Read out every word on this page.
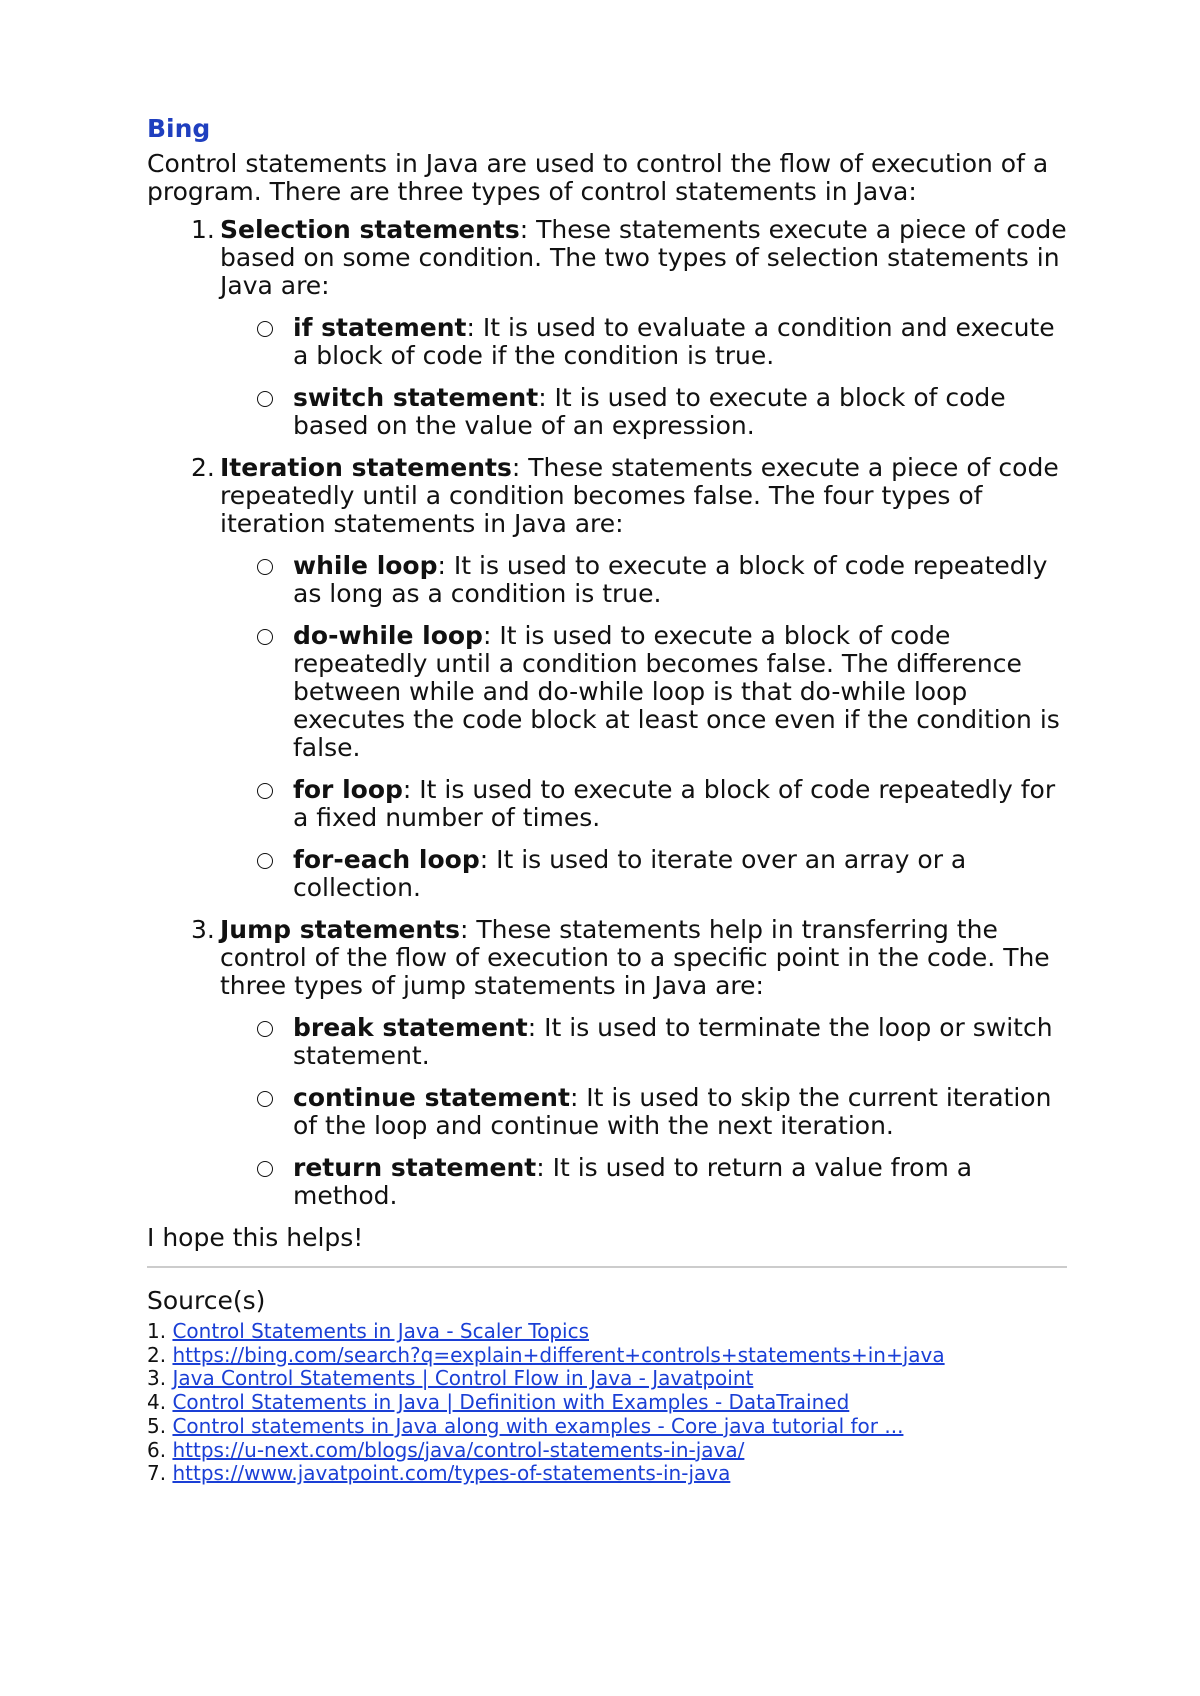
Bing
Control statements in Java are used to control the flow of execution of a program. There are three types of control statements in Java:
1. Selection statements: These statements execute a piece of code based on some condition. The two types of selection statements in Java are:
if statement: It is used to evaluate a condition and execute a block of code if the condition is true.
switch statement: It is used to execute a block of code based on the value of an expression.
2. Iteration statements: These statements execute a piece of code repeatedly until a condition becomes false. The four types of iteration statements in Java are:
while loop: It is used to execute a block of code repeatedly as long as a condition is true.
do-while loop: It is used to execute a block of code repeatedly until a condition becomes false. The difference between while and do-while loop is that do-while loop executes the code block at least once even if the condition is false.
for loop: It is used to execute a block of code repeatedly for a fixed number of times.
for-each loop: It is used to iterate over an array or a collection.
3. Jump statements: These statements help in transferring the control of the flow of execution to a specific point in the code. The three types of jump statements in Java are:
break statement: It is used to terminate the loop or switch statement.
continue statement: It is used to skip the current iteration of the loop and continue with the next iteration.
return statement: It is used to return a value from a method.
I hope this helps!
Source(s)
1. Control Statements in Java - Scaler Topics
2. https://bing.com/search?q=explain+different+controls+statements+in+java
3. Java Control Statements | Control Flow in Java - Javatpoint
4. Control Statements in Java | Definition with Examples - DataTrained
5. Control statements in Java along with examples - Core java tutorial for ...
6. https://u-next.com/blogs/java/control-statements-in-java/
7. https://www.javatpoint.com/types-of-statements-in-java
